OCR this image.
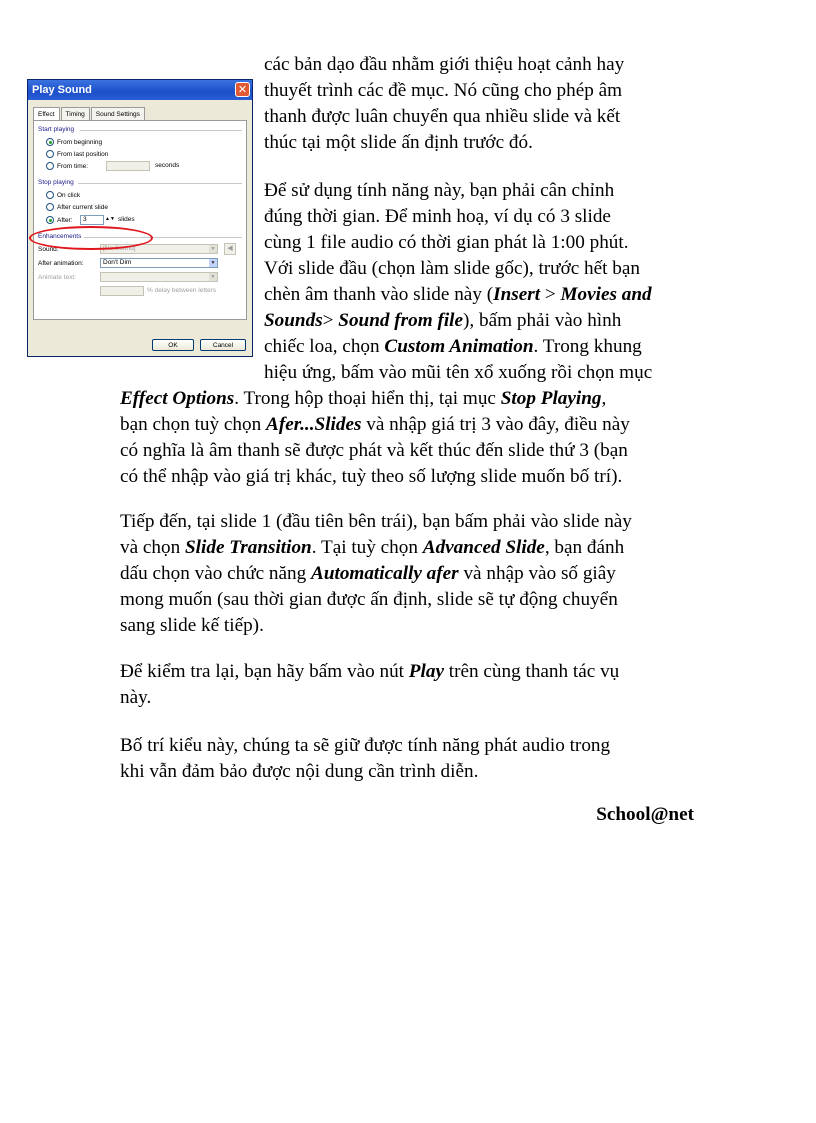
Play Sound	✕
Effect	Timing	Sound Settings
Start playing
From beginning
From last position
From time:	seconds
Stop playing
On click
After current slide
After:	3	▲▼ slides
Enhancements
Sound:	[No Sound]	▼	◀
After animation:	Don't Dim	▼
Animate text:	▼
% delay between letters
OK	Cancel
các bản dạo đầu nhằm giới thiệu hoạt cảnh hay
thuyết trình các đề mục. Nó cũng cho phép âm
thanh được luân chuyển qua nhiều slide và kết
thúc tại một slide ấn định trước đó.
Để sử dụng tính năng này, bạn phải cân chỉnh
đúng thời gian. Để minh hoạ, ví dụ có 3 slide
cùng 1 file audio có thời gian phát là 1:00 phút.
Với slide đầu (chọn làm slide gốc), trước hết bạn
chèn âm thanh vào slide này (Insert > Movies and
Sounds> Sound from file), bấm phải vào hình
chiếc loa, chọn Custom Animation. Trong khung
hiệu ứng, bấm vào mũi tên xổ xuống rồi chọn mục
Effect Options. Trong hộp thoại hiển thị, tại mục Stop Playing,
bạn chọn tuỳ chọn Afer...Slides và nhập giá trị 3 vào đây, điều này
có nghĩa là âm thanh sẽ được phát và kết thúc đến slide thứ 3 (bạn
có thể nhập vào giá trị khác, tuỳ theo số lượng slide muốn bố trí).
Tiếp đến, tại slide 1 (đầu tiên bên trái), bạn bấm phải vào slide này
và chọn Slide Transition. Tại tuỳ chọn Advanced Slide, bạn đánh
dấu chọn vào chức năng Automatically afer và nhập vào số giây
mong muốn (sau thời gian được ấn định, slide sẽ tự động chuyển
sang slide kế tiếp).
Để kiểm tra lại, bạn hãy bấm vào nút Play trên cùng thanh tác vụ
này.
Bố trí kiểu này, chúng ta sẽ giữ được tính năng phát audio trong
khi vẫn đảm bảo được nội dung cần trình diễn.
School@net
